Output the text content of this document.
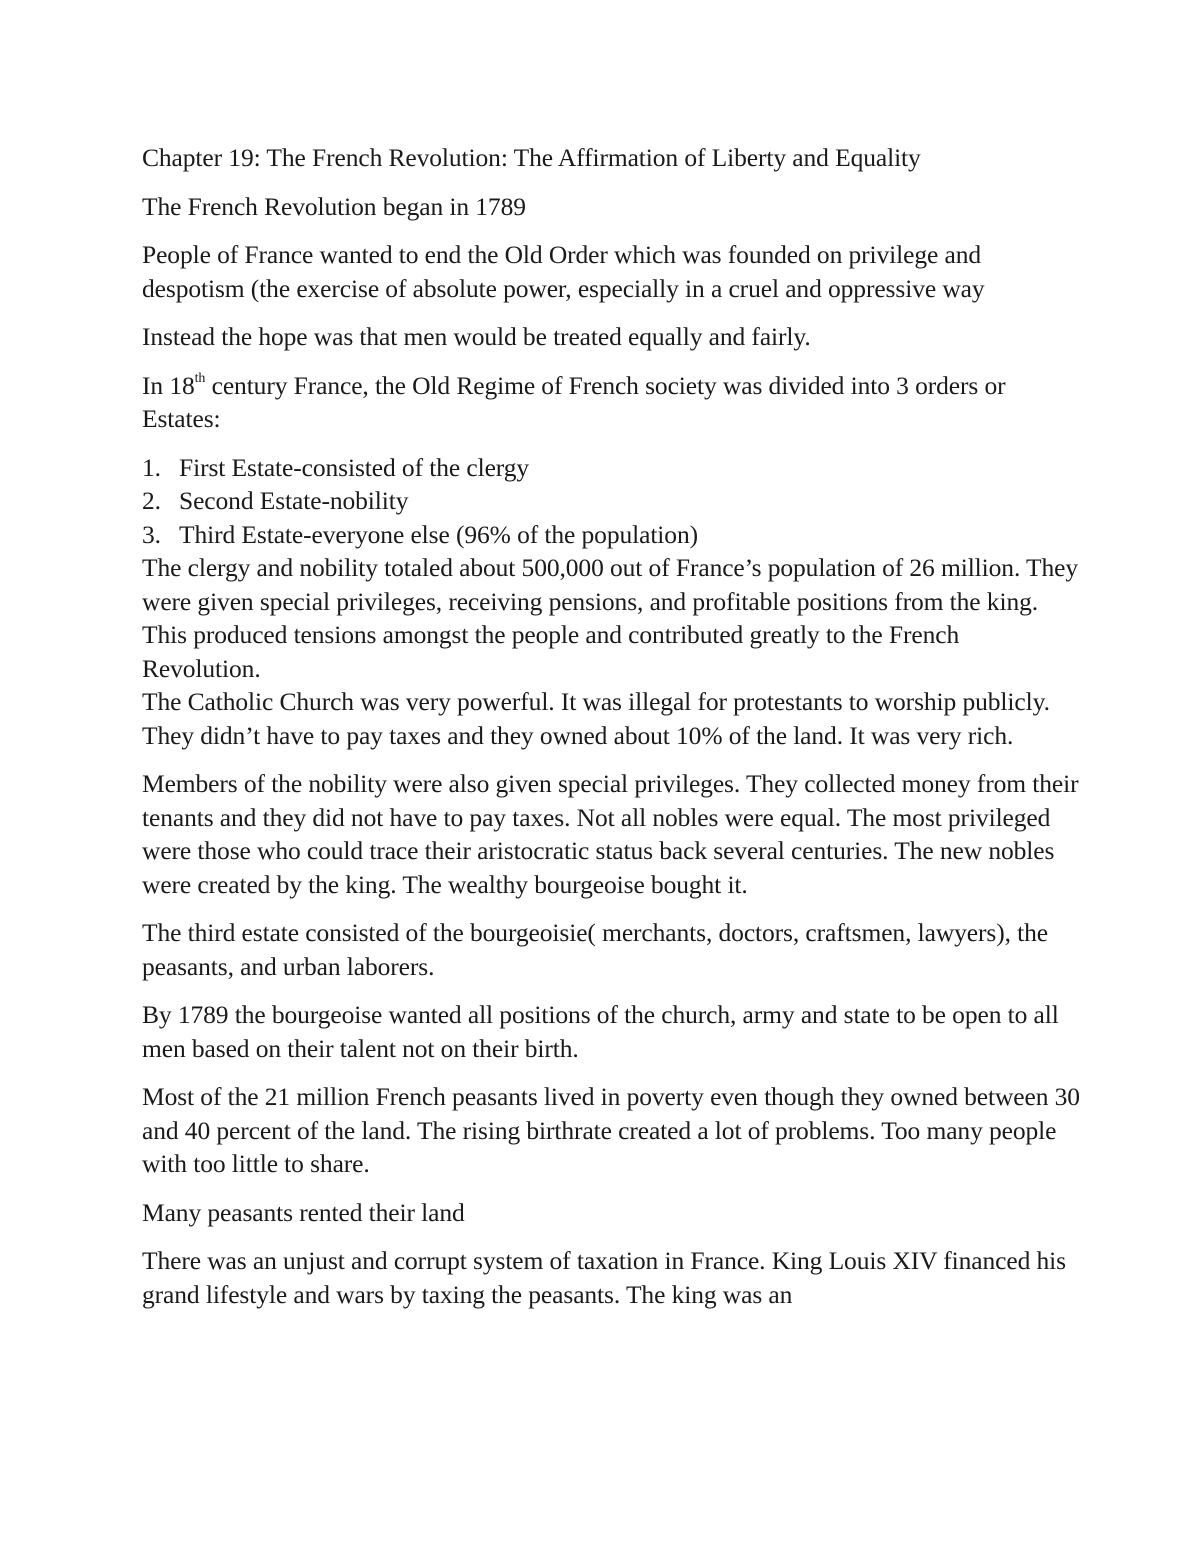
Chapter 19: The French Revolution: The Affirmation of Liberty and Equality

The French Revolution began in 1789

People of France wanted to end the Old Order which was founded on privilege and despotism (the exercise of absolute power, especially in a cruel and oppressive way

Instead the hope was that men would be treated equally and fairly.

In 18th century France, the Old Regime of French society was divided into 3 orders or Estates:

1. First Estate-consisted of the clergy
2. Second Estate-nobility
3. Third Estate-everyone else (96% of the population)

The clergy and nobility totaled about 500,000 out of France’s population of 26 million. They were given special privileges, receiving pensions, and profitable positions from the king. This produced tensions amongst the people and contributed greatly to the French Revolution.

The Catholic Church was very powerful. It was illegal for protestants to worship publicly. They didn’t have to pay taxes and they owned about 10% of the land. It was very rich.

Members of the nobility were also given special privileges. They collected money from their tenants and they did not have to pay taxes. Not all nobles were equal. The most privileged were those who could trace their aristocratic status back several centuries. The new nobles were created by the king. The wealthy bourgeoise bought it.

The third estate consisted of the bourgeoisie( merchants, doctors, craftsmen, lawyers), the peasants, and urban laborers.

By 1789 the bourgeoise wanted all positions of the church, army and state to be open to all men based on their talent not on their birth.

Most of the 21 million French peasants lived in poverty even though they owned between 30 and 40 percent of the land. The rising birthrate created a lot of problems. Too many people with too little to share.

Many peasants rented their land

There was an unjust and corrupt system of taxation in France. King Louis XIV financed his grand lifestyle and wars by taxing the peasants. The king was an
